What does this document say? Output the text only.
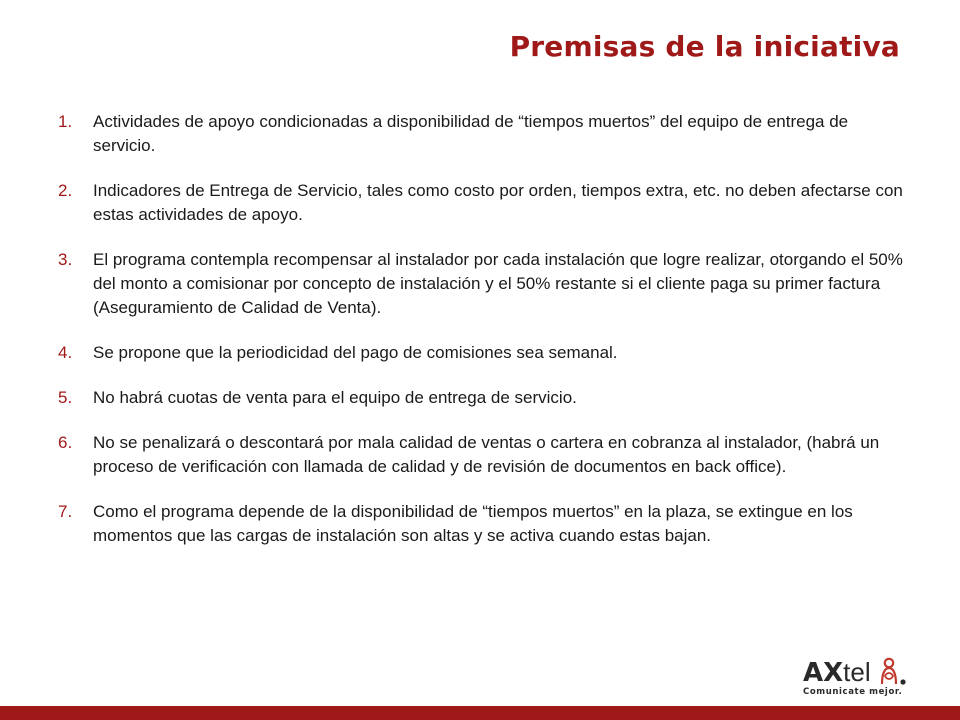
Premisas de la iniciativa
1.	Actividades de apoyo condicionadas a disponibilidad de “tiempos muertos” del equipo de entrega de servicio.
2.	Indicadores de Entrega de Servicio, tales como costo por orden, tiempos extra, etc. no deben afectarse con estas actividades de apoyo.
3.	El programa contempla recompensar al instalador por cada instalación que logre realizar, otorgando el 50% del monto a comisionar por concepto de instalación y el 50% restante si el cliente paga su primer factura (Aseguramiento de Calidad de Venta).
4.	Se propone que la periodicidad del pago de comisiones sea semanal.
5.	No habrá cuotas de venta para el equipo de entrega de servicio.
6.	No se penalizará o descontará por mala calidad de ventas o cartera en cobranza al instalador, (habrá un proceso de verificación con llamada de calidad y de revisión de documentos en back office).
7.	Como el programa depende de la disponibilidad de “tiempos muertos” en la plaza, se extingue en los momentos que las cargas de instalación son altas y se activa cuando estas bajan.
AXtel
Comunicate mejor.
